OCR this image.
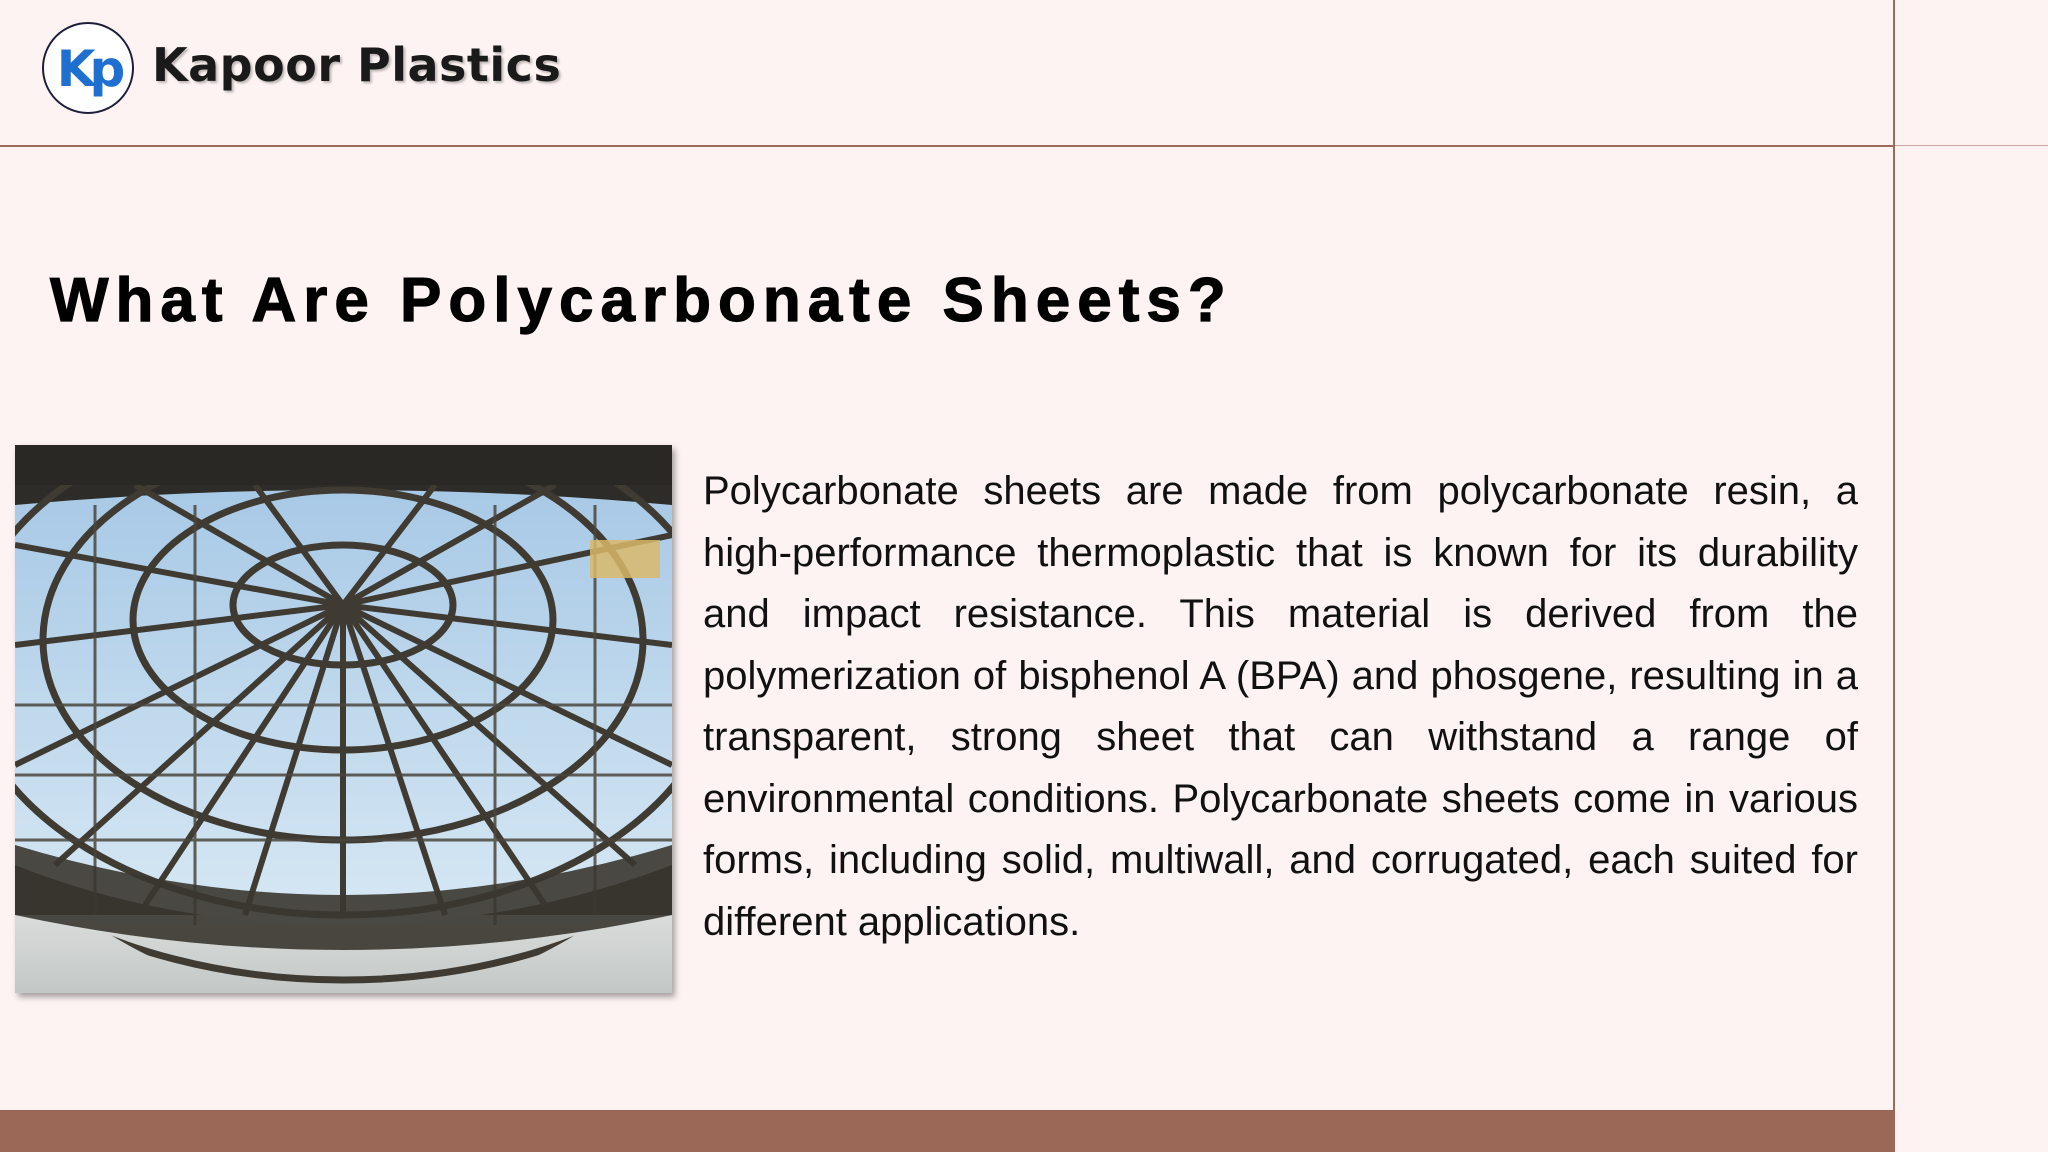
Kp Kapoor Plastics
What Are Polycarbonate Sheets?

Polycarbonate sheets are made from polycarbonate resin, a high-performance thermoplastic that is known for its durability and impact resistance. This material is derived from the polymerization of bisphenol A (BPA) and phosgene, resulting in a transparent, strong sheet that can withstand a range of environmental conditions. Polycarbonate sheets come in various forms, including solid, multiwall, and corrugated, each suited for different applications.
